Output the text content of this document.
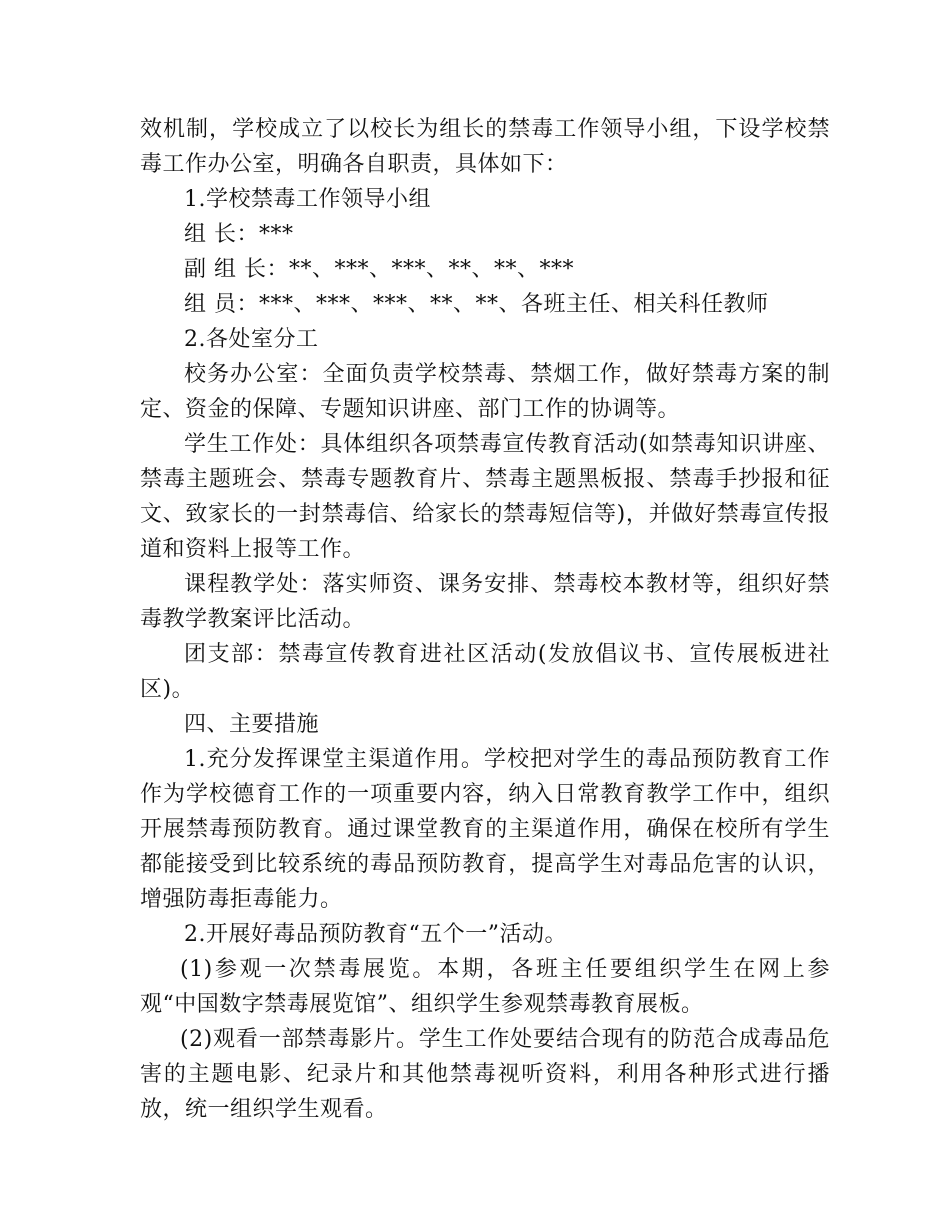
效机制，学校成立了以校长为组长的禁毒工作领导小组，下设学校禁毒工作办公室，明确各自职责，具体如下：

1.学校禁毒工作领导小组

组 长：***

副 组 长：**、***、***、**、**、***

组 员：***、***、***、**、**、各班主任、相关科任教师

2.各处室分工

校务办公室：全面负责学校禁毒、禁烟工作，做好禁毒方案的制定、资金的保障、专题知识讲座、部门工作的协调等。

学生工作处：具体组织各项禁毒宣传教育活动(如禁毒知识讲座、禁毒主题班会、禁毒专题教育片、禁毒主题黑板报、禁毒手抄报和征文、致家长的一封禁毒信、给家长的禁毒短信等)，并做好禁毒宣传报道和资料上报等工作。

课程教学处：落实师资、课务安排、禁毒校本教材等，组织好禁毒教学教案评比活动。

团支部：禁毒宣传教育进社区活动(发放倡议书、宣传展板进社区)。

四、主要措施

1.充分发挥课堂主渠道作用。学校把对学生的毒品预防教育工作作为学校德育工作的一项重要内容，纳入日常教育教学工作中，组织开展禁毒预防教育。通过课堂教育的主渠道作用，确保在校所有学生都能接受到比较系统的毒品预防教育，提高学生对毒品危害的认识，增强防毒拒毒能力。

2.开展好毒品预防教育“五个一”活动。

(1)参观一次禁毒展览。本期，各班主任要组织学生在网上参观“中国数字禁毒展览馆”、组织学生参观禁毒教育展板。

(2)观看一部禁毒影片。学生工作处要结合现有的防范合成毒品危害的主题电影、纪录片和其他禁毒视听资料，利用各种形式进行播放，统一组织学生观看。
